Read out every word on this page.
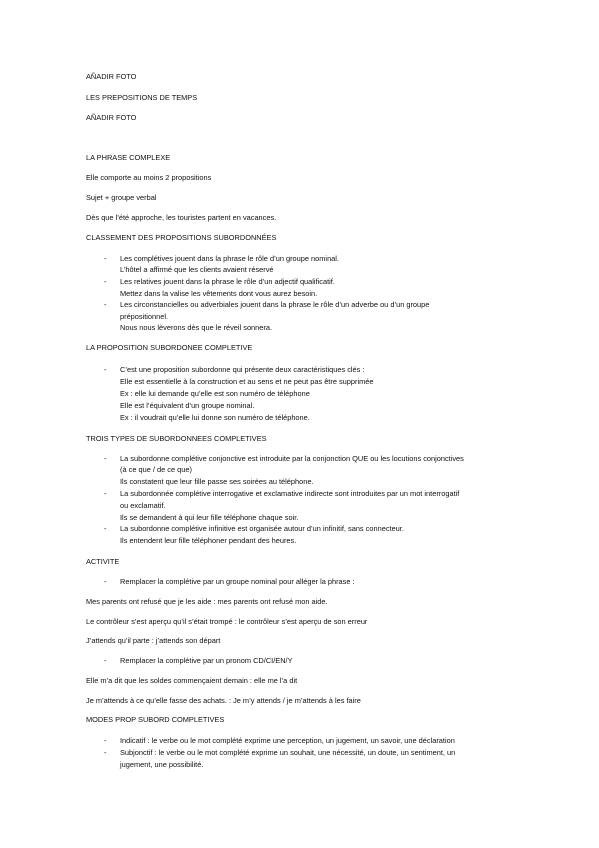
AÑADIR FOTO
LES PREPOSITIONS DE TEMPS
AÑADIR FOTO
LA PHRASE COMPLEXE
Elle comporte au moins 2 propositions
Sujet + groupe verbal
Dès que l’été approche, les touristes partent en vacances.
CLASSEMENT DES PROPOSITIONS SUBORDONNÉES
- Les complétives jouent dans la phrase le rôle d’un groupe nominal.
L’hôtel a affirmé que les clients avaient réservé
- Les relatives jouent dans la phrase le rôle d’un adjectif qualificatif.
Mettez dans la valise les vêtements dont vous aurez besoin.
- Les circonstancielles ou adverbiales jouent dans la phrase le rôle d’un adverbe ou d’un groupe
prépositionnel.
Nous nous lèverons dès que le réveil sonnera.
LA PROPOSITION SUBORDONEE COMPLETIVE
- C’est une proposition subordonne qui présente deux caractéristiques clés :
Elle est essentielle à la construction et au sens et ne peut pas être supprimée
Ex : elle lui demande qu’elle est son numéro de téléphone
Elle est l’équivalent d’un groupe nominal.
Ex : il voudrait qu’elle lui donne son numéro de téléphone.
TROIS TYPES DE SUBORDONNEES COMPLETIVES
- La subordonne complétive conjonctive est introduite par la conjonction QUE ou les locutions conjonctives
(à ce que / de ce que)
Ils constatent que leur fille passe ses soirées au téléphone.
- La subordonnée complétive interrogative et exclamative indirecte sont introduites par un mot interrogatif
ou exclamatif.
Ils se demandent à qui leur fille téléphone chaque soir.
- La subordonne complétive infinitive est organisée autour d’un infinitif, sans connecteur.
Ils entendent leur fille téléphoner pendant des heures.
ACTIVITE
- Remplacer la complétive par un groupe nominal pour alléger la phrase :
Mes parents ont refusé que je les aide : mes parents ont refusé mon aide.
Le contrôleur s’est aperçu qu’il s’était trompé : le contrôleur s’est aperçu de son erreur
J’attends qu’il parte : j’attends son départ
- Remplacer la complétive par un pronom CD/CI/EN/Y
Elle m’a dit que les soldes commençaient demain : elle me l’a dit
Je m’attends à ce qu’elle fasse des achats. : Je m’y attends / je m’attends à les faire
MODES PROP SUBORD COMPLETIVES
- Indicatif : le verbe ou le mot complété exprime une perception, un jugement, un savoir, une déclaration
- Subjonctif : le verbe ou le mot complété exprime un souhait, une nécessité, un doute, un sentiment, un
jugement, une possibilité.
